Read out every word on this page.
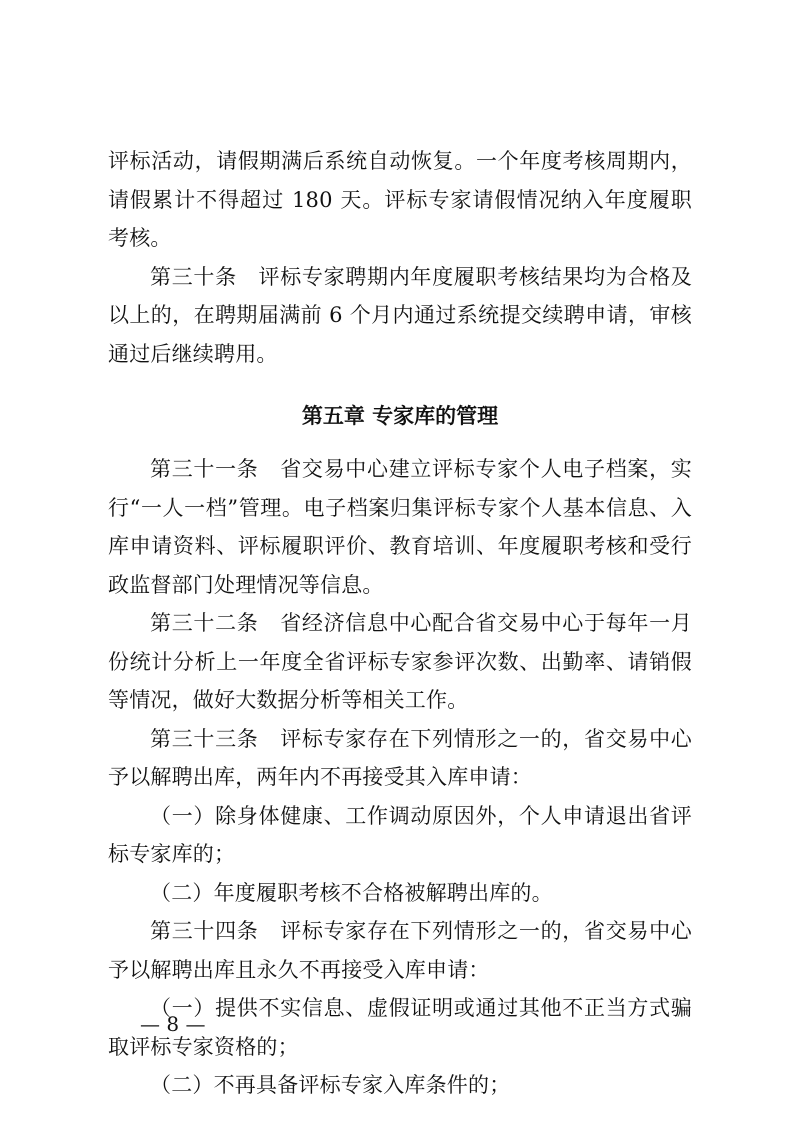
评标活动，请假期满后系统自动恢复。一个年度考核周期内，请假累计不得超过 180 天。评标专家请假情况纳入年度履职考核。

第三十条　评标专家聘期内年度履职考核结果均为合格及以上的，在聘期届满前 6 个月内通过系统提交续聘申请，审核通过后继续聘用。

第五章 专家库的管理

第三十一条　省交易中心建立评标专家个人电子档案，实行“一人一档”管理。电子档案归集评标专家个人基本信息、入库申请资料、评标履职评价、教育培训、年度履职考核和受行政监督部门处理情况等信息。

第三十二条　省经济信息中心配合省交易中心于每年一月份统计分析上一年度全省评标专家参评次数、出勤率、请销假等情况，做好大数据分析等相关工作。

第三十三条　评标专家存在下列情形之一的，省交易中心予以解聘出库，两年内不再接受其入库申请：

（一）除身体健康、工作调动原因外，个人申请退出省评标专家库的；

（二）年度履职考核不合格被解聘出库的。

第三十四条　评标专家存在下列情形之一的，省交易中心予以解聘出库且永久不再接受入库申请：

（一）提供不实信息、虚假证明或通过其他不正当方式骗取评标专家资格的；

（二）不再具备评标专家入库条件的；

— 8 —
